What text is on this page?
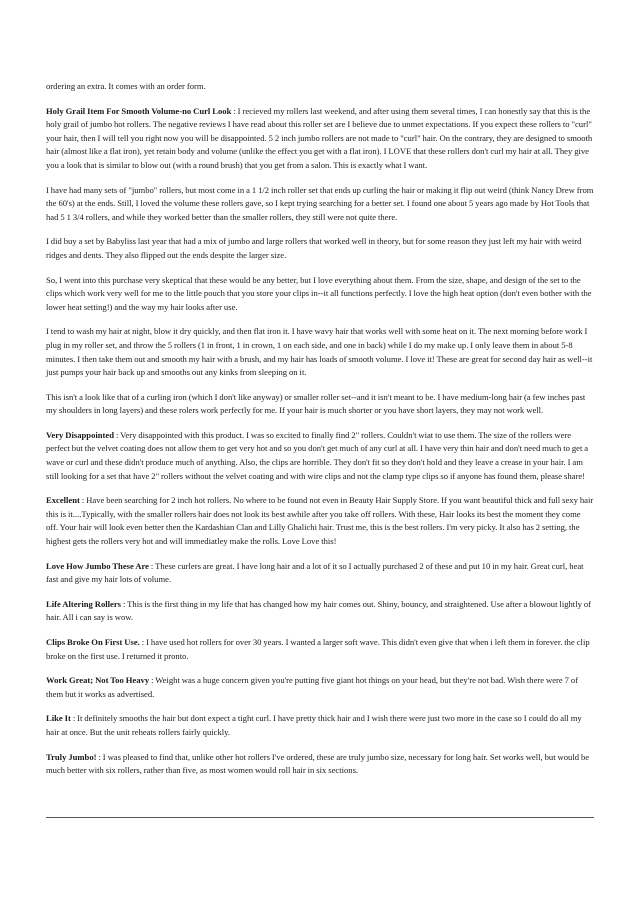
ordering an extra. It comes with an order form.

Holy Grail Item For Smooth Volume-no Curl Look : I recieved my rollers last weekend, and after using them several times, I can honestly say that this is the holy grail of jumbo hot rollers. The negative reviews I have read about this roller set are I believe due to unmet expectations. If you expect these rollers to "curl" your hair, then I will tell you right now you will be disappointed. 5 2 inch jumbo rollers are not made to "curl" hair. On the contrary, they are designed to smooth hair (almost like a flat iron), yet retain body and volume (unlike the effect you get with a flat iron). I LOVE that these rollers don't curl my hair at all. They give you a look that is similar to blow out (with a round brush) that you get from a salon. This is exactly what I want.

I have had many sets of "jumbo" rollers, but most come in a 1 1/2 inch roller set that ends up curling the hair or making it flip out weird (think Nancy Drew from the 60's) at the ends. Still, I loved the volume these rollers gave, so I kept trying searching for a better set. I found one about 5 years ago made by Hot Tools that had 5 1 3/4 rollers, and while they worked better than the smaller rollers, they still were not quite there.

I did buy a set by Babyliss last year that had a mix of jumbo and large rollers that worked well in theory, but for some reason they just left my hair with weird ridges and dents. They also flipped out the ends despite the larger size.

So, I went into this purchase very skeptical that these would be any better, but I love everything about them. From the size, shape, and design of the set to the clips which work very well for me to the little pouch that you store your clips in--it all functions perfectly. I love the high heat option (don't even bother with the lower heat setting!) and the way my hair looks after use.

I tend to wash my hair at night, blow it dry quickly, and then flat iron it. I have wavy hair that works well with some heat on it. The next morning before work I plug in my roller set, and throw the 5 rollers (1 in front, 1 in crown, 1 on each side, and one in back) while I do my make up. I only leave them in about 5-8 minutes. I then take them out and smooth my hair with a brush, and my hair has loads of smooth volume. I love it! These are great for second day hair as well--it just pumps your hair back up and smooths out any kinks from sleeping on it.

This isn't a look like that of a curling iron (which I don't like anyway) or smaller roller set--and it isn't meant to be. I have medium-long hair (a few inches past my shoulders in long layers) and these rolers work perfectly for me. If your hair is much shorter or you have short layers, they may not work well.

Very Disappointed : Very disappointed with this product. I was so excited to finally find 2" rollers. Couldn't wiat to use them. The size of the rollers were perfect but the velvet coating does not allow them to get very hot and so you don't get much of any curl at all. I have very thin hair and don't need much to get a wave or curl and these didn't produce much of anything. Also, the clips are horrible. They don't fit so they don't hold and they leave a crease in your hair. I am still looking for a set that have 2" rollers without the velvet coating and with wire clips and not the clamp type clips so if anyone has found them, please share!

Excellent : Have been searching for 2 inch hot rollers. No where to be found not even in Beauty Hair Supply Store. If you want beautiful thick and full sexy hair this is it....Typically, with the smaller rollers hair does not look its best awhile after you take off rollers. With these, Hair looks its best the moment they come off. Your hair will look even better then the Kardashian Clan and Lilly Ghalichi hair. Trust me, this is the best rollers. I'm very picky. It also has 2 setting, the highest gets the rollers very hot and will immediatley make the rolls. Love Love this!

Love How Jumbo These Are : These curlers are great. I have long hair and a lot of it so I actually purchased 2 of these and put 10 in my hair. Great curl, heat fast and give my hair lots of volume.

Life Altering Rollers : This is the first thing in my life that has changed how my hair comes out. Shiny, bouncy, and straightened. Use after a blowout lightly of hair. All i can say is wow.

Clips Broke On First Use. : I have used hot rollers for over 30 years. I wanted a larger soft wave. This didn't even give that when i left them in forever. the clip broke on the first use. I returned it pronto.

Work Great; Not Too Heavy : Weight was a huge concern given you're putting five giant hot things on your head, but they're not bad. Wish there were 7 of them but it works as advertised.

Like It : It definitely smooths the hair but dont expect a tight curl. I have pretty thick hair and I wish there were just two more in the case so I could do all my hair at once. But the unit reheats rollers fairly quickly.

Truly Jumbo! : I was pleased to find that, unlike other hot rollers I've ordered, these are truly jumbo size, necessary for long hair. Set works well, but would be much better with six rollers, rather than five, as most women would roll hair in six sections.
